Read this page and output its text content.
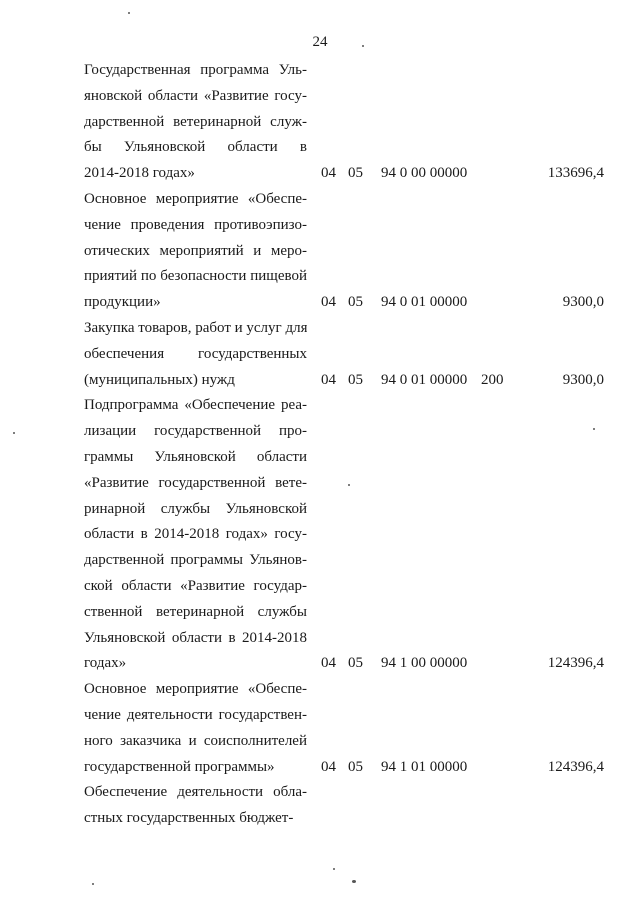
24
Государственная программа Уль-
яновской области «Развитие госу-
дарственной ветеринарной служ-
бы Ульяновской области в
2014-2018 годах»	04 05 94 0 00 00000	133696,4
Основное мероприятие «Обеспе-
чение проведения противоэпизо-
отических мероприятий и меро-
приятий по безопасности пищевой
продукции»	04 05 94 0 01 00000	9300,0
Закупка товаров, работ и услуг для
обеспечения государственных
(муниципальных) нужд	04 05 94 0 01 00000 200	9300,0
Подпрограмма «Обеспечение реа-
лизации государственной про-
граммы Ульяновской области
«Развитие государственной вете-
ринарной службы Ульяновской
области в 2014-2018 годах» госу-
дарственной программы Ульянов-
ской области «Развитие государ-
ственной ветеринарной службы
Ульяновской области в 2014-2018
годах»	04 05 94 1 00 00000	124396,4
Основное мероприятие «Обеспе-
чение деятельности государствен-
ного заказчика и соисполнителей
государственной программы»	04 05 94 1 01 00000	124396,4
Обеспечение деятельности обла-
стных государственных бюджет-
